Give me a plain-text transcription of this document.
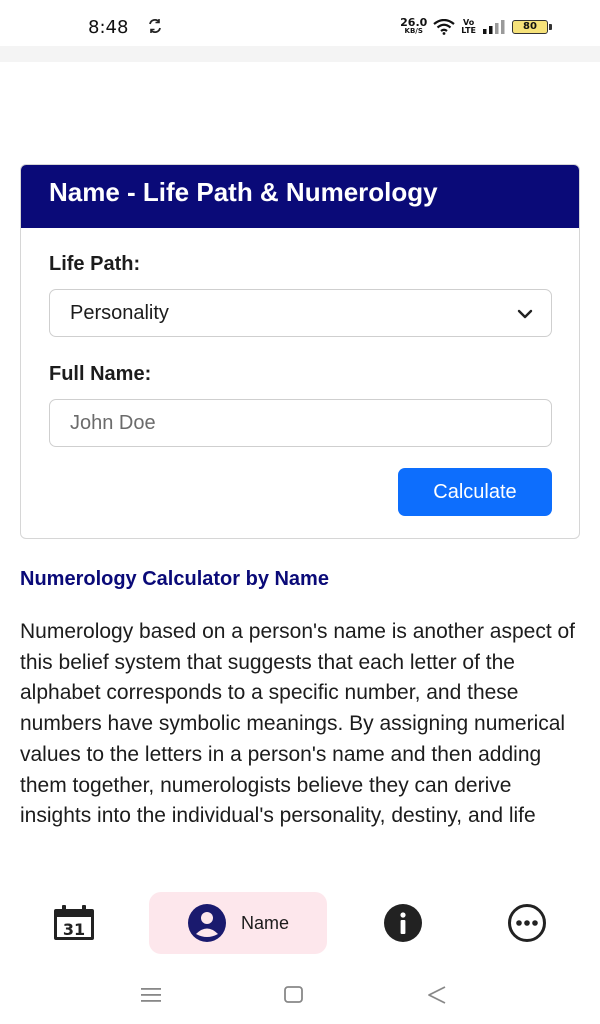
8:48	26.0
KB/S
Vo
LTE	80
Name - Life Path & Numerology
Life Path:
Personality
Full Name:
John Doe
Calculate
Numerology Calculator by Name
Numerology based on a person's name is another aspect of this belief system that suggests that each letter of the alphabet corresponds to a specific number, and these numbers have symbolic meanings. By assigning numerical values to the letters in a person's name and then adding them together, numerologists believe they can derive insights into the individual's personality, destiny, and life
31	Name
